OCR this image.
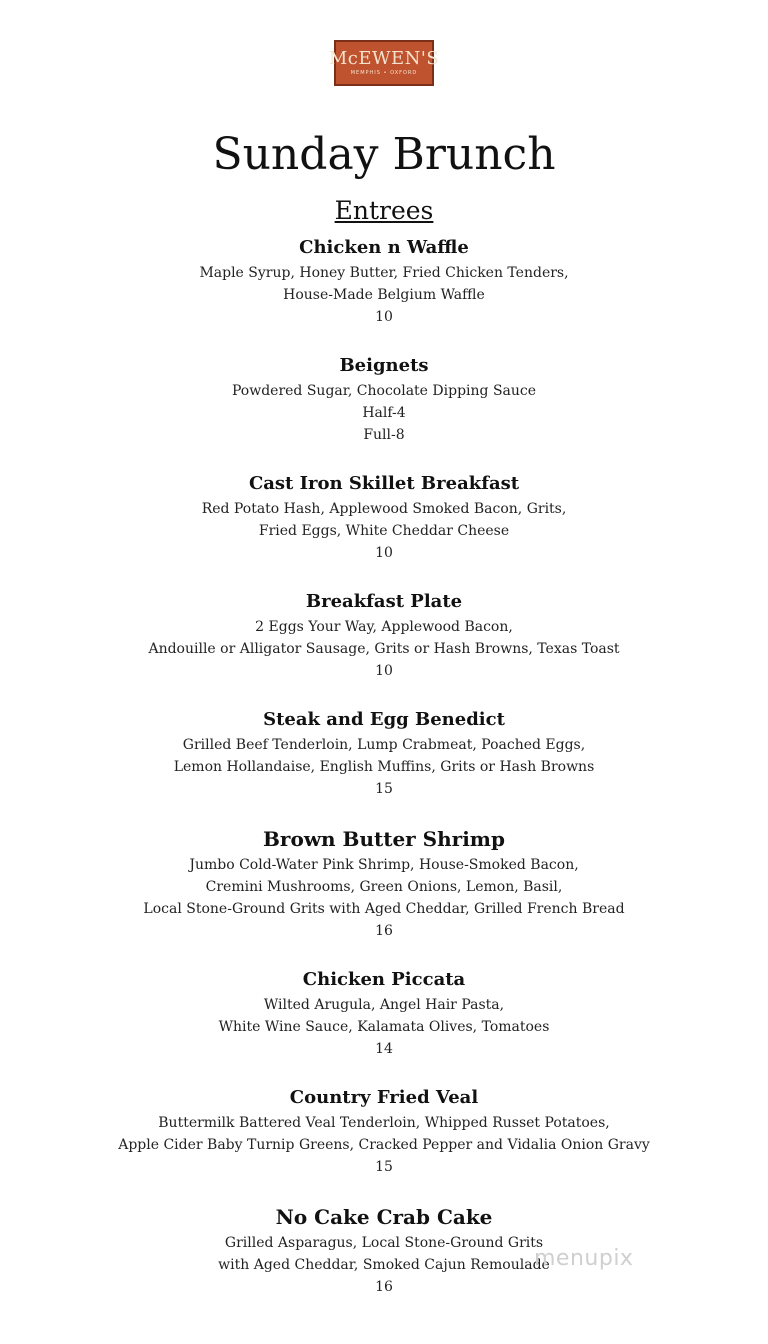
McEWEN'S
MEMPHIS • OXFORD
Sunday Brunch
Entrees
Chicken n Waffle
Maple Syrup, Honey Butter, Fried Chicken Tenders,
House-Made Belgium Waffle
10
Beignets
Powdered Sugar, Chocolate Dipping Sauce
Half-4
Full-8
Cast Iron Skillet Breakfast
Red Potato Hash, Applewood Smoked Bacon, Grits,
Fried Eggs, White Cheddar Cheese
10
Breakfast Plate
2 Eggs Your Way, Applewood Bacon,
Andouille or Alligator Sausage, Grits or Hash Browns, Texas Toast
10
Steak and Egg Benedict
Grilled Beef Tenderloin, Lump Crabmeat, Poached Eggs,
Lemon Hollandaise, English Muffins, Grits or Hash Browns
15
Brown Butter Shrimp
Jumbo Cold-Water Pink Shrimp, House-Smoked Bacon,
Cremini Mushrooms, Green Onions, Lemon, Basil,
Local Stone-Ground Grits with Aged Cheddar, Grilled French Bread
16
Chicken Piccata
Wilted Arugula, Angel Hair Pasta,
White Wine Sauce, Kalamata Olives, Tomatoes
14
Country Fried Veal
Buttermilk Battered Veal Tenderloin, Whipped Russet Potatoes,
Apple Cider Baby Turnip Greens, Cracked Pepper and Vidalia Onion Gravy
15
No Cake Crab Cake
Grilled Asparagus, Local Stone-Ground Grits
with Aged Cheddar, Smoked Cajun Remoulade
16
menupix
